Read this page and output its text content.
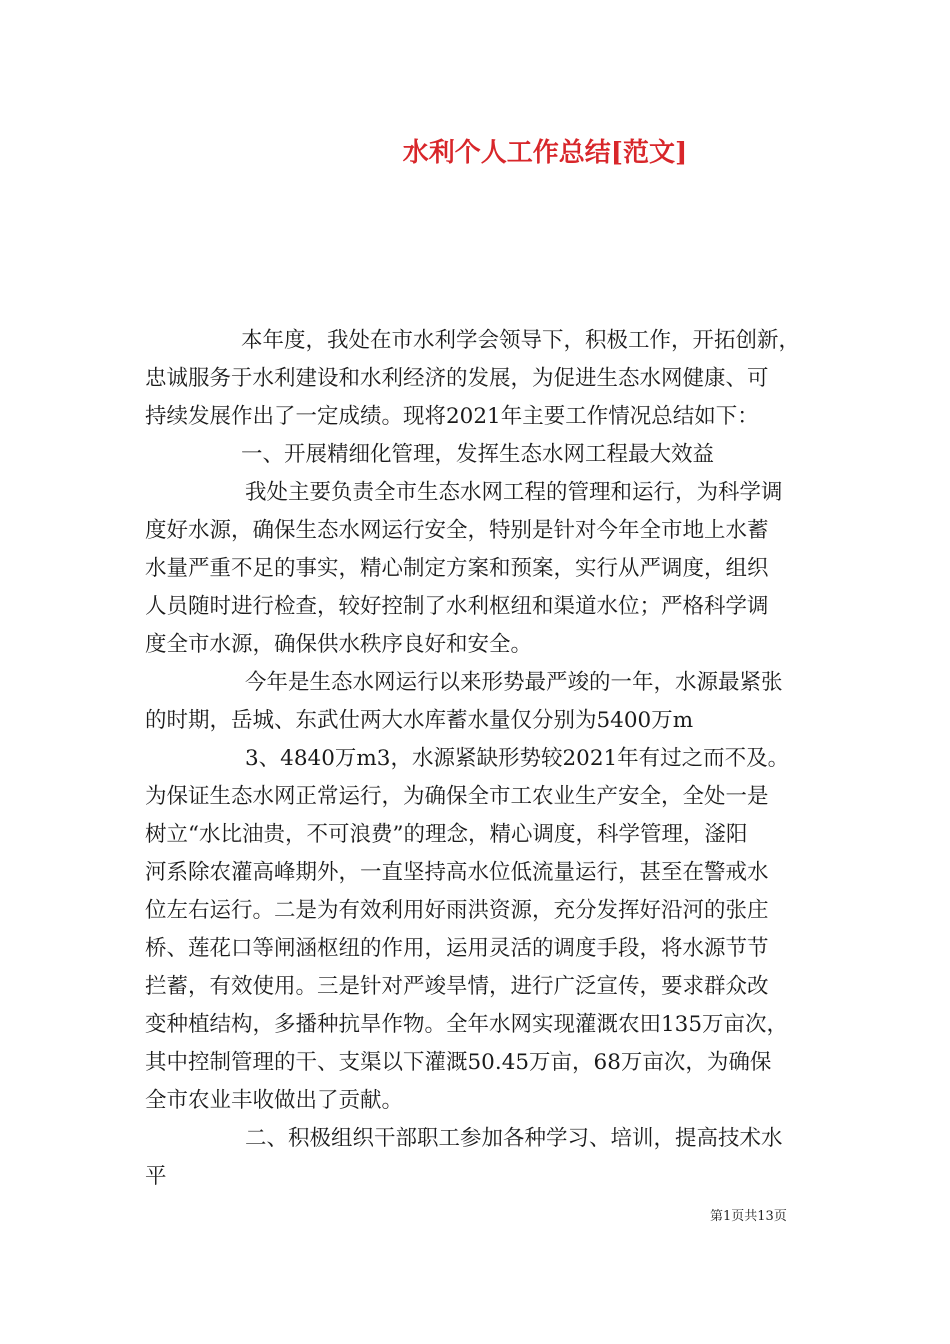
水利个人工作总结[范文]
本年度，我处在市水利学会领导下，积极工作，开拓创新，
忠诚服务于水利建设和水利经济的发展，为促进生态水网健康、可
持续发展作出了一定成绩。现将2021年主要工作情况总结如下：
一、开展精细化管理，发挥生态水网工程最大效益
我处主要负责全市生态水网工程的管理和运行，为科学调
度好水源，确保生态水网运行安全，特别是针对今年全市地上水蓄
水量严重不足的事实，精心制定方案和预案，实行从严调度，组织
人员随时进行检查，较好控制了水利枢纽和渠道水位；严格科学调
度全市水源，确保供水秩序良好和安全。
今年是生态水网运行以来形势最严竣的一年，水源最紧张
的时期，岳城、东武仕两大水库蓄水量仅分别为5400万m
3、4840万m3，水源紧缺形势较2021年有过之而不及。
为保证生态水网正常运行，为确保全市工农业生产安全，全处一是
树立“水比油贵，不可浪费”的理念，精心调度，科学管理，滏阳
河系除农灌高峰期外，一直坚持高水位低流量运行，甚至在警戒水
位左右运行。二是为有效利用好雨洪资源，充分发挥好沿河的张庄
桥、莲花口等闸涵枢纽的作用，运用灵活的调度手段，将水源节节
拦蓄，有效使用。三是针对严竣旱情，进行广泛宣传，要求群众改
变种植结构，多播种抗旱作物。全年水网实现灌溉农田135万亩次，
其中控制管理的干、支渠以下灌溉50.45万亩，68万亩次，为确保
全市农业丰收做出了贡献。
二、积极组织干部职工参加各种学习、培训，提高技术水
平
第1页共13页
